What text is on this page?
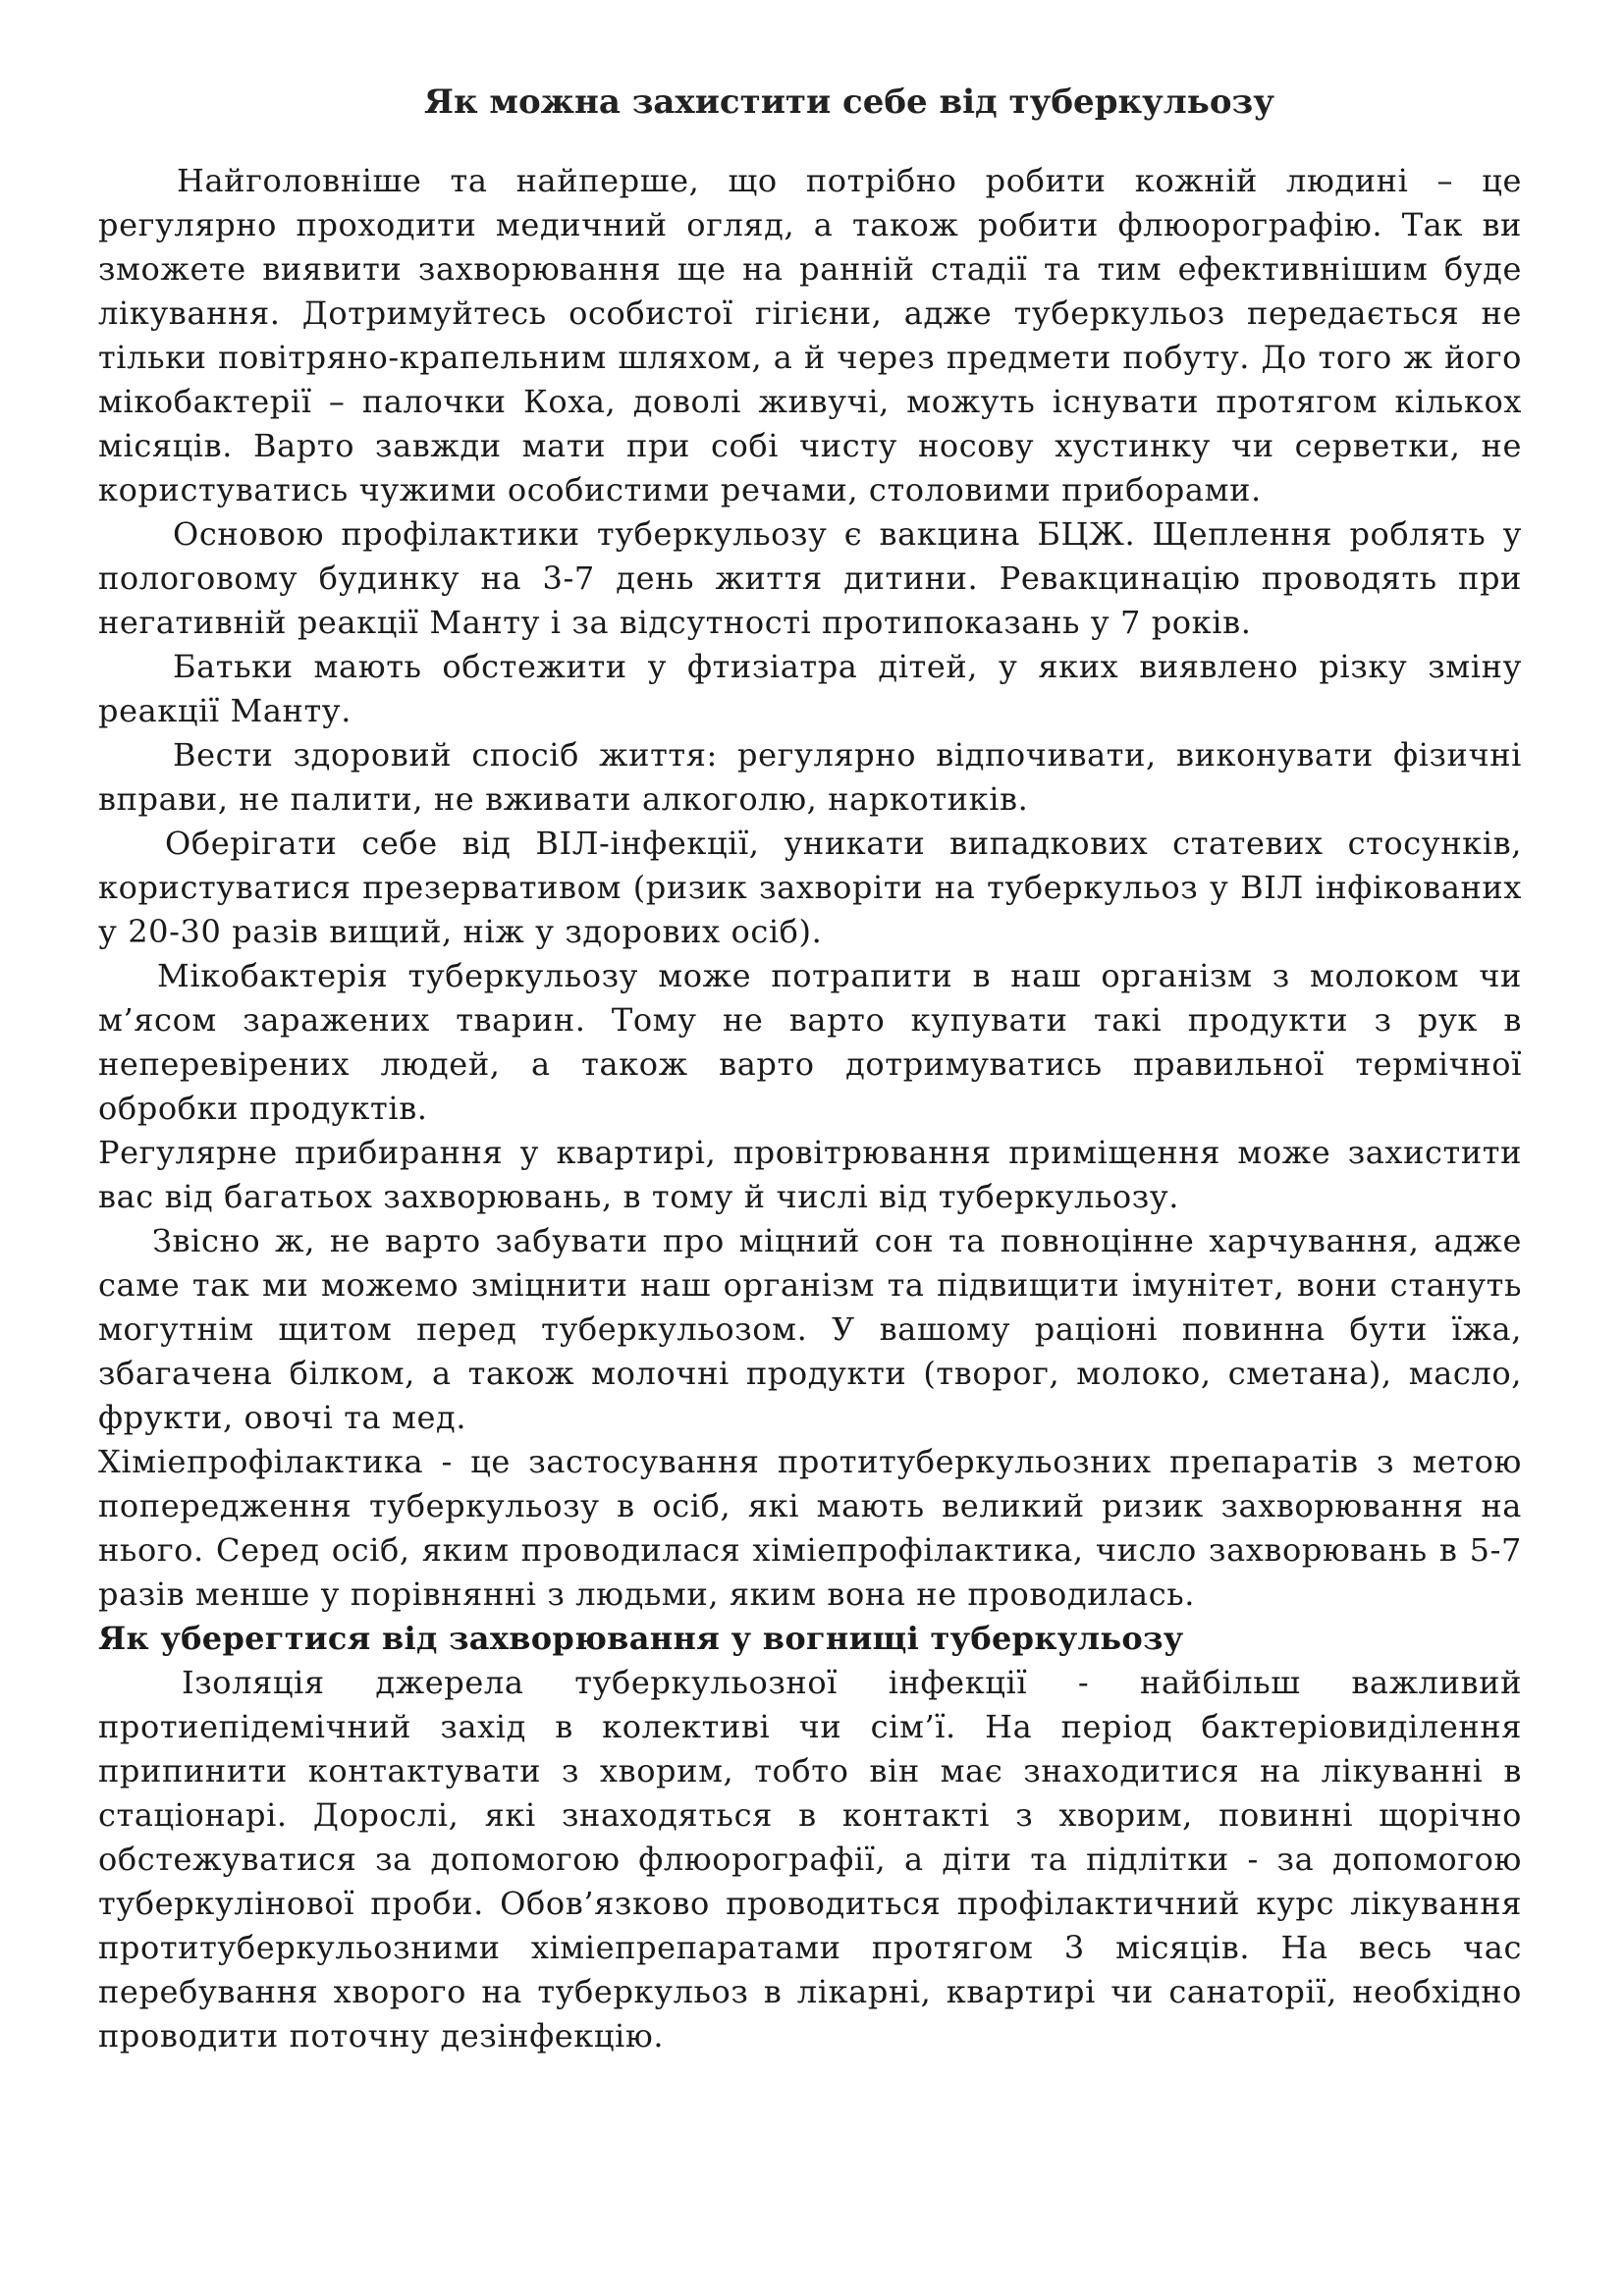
Як можна захистити себе від туберкульозу

Найголовніше та найперше, що потрібно робити кожній людині – це регулярно проходити медичний огляд, а також робити флюорографію. Так ви зможете виявити захворювання ще на ранній стадії та тим ефективнішим буде лікування. Дотримуйтесь особистої гігієни, адже туберкульоз передається не тільки повітряно-крапельним шляхом, а й через предмети побуту. До того ж його мікобактерії – палочки Коха, доволі живучі, можуть існувати протягом кількох місяців. Варто завжди мати при собі чисту носову хустинку чи серветки, не користуватись чужими особистими речами, столовими приборами.

Основою профілактики туберкульозу є вакцина БЦЖ. Щеплення роблять у пологовому будинку на 3-7 день життя дитини. Ревакцинацію проводять при негативній реакції Манту і за відсутності протипоказань у 7 років.

Батьки мають обстежити у фтизіатра дітей, у яких виявлено різку зміну реакції Манту.

Вести здоровий спосіб життя: регулярно відпочивати, виконувати фізичні вправи, не палити, не вживати алкоголю, наркотиків.

Оберігати себе від ВІЛ-інфекції, уникати випадкових статевих стосунків, користуватися презервативом (ризик захворіти на туберкульоз у ВІЛ інфікованих у 20-30 разів вищий, ніж у здорових осіб).

Мікобактерія туберкульозу може потрапити в наш організм з молоком чи м’ясом заражених тварин. Тому не варто купувати такі продукти з рук в неперевірених людей, а також варто дотримуватись правильної термічної обробки продуктів.

Регулярне прибирання у квартирі, провітрювання приміщення може захистити вас від багатьох захворювань, в тому й числі від туберкульозу.

Звісно ж, не варто забувати про міцний сон та повноцінне харчування, адже саме так ми можемо зміцнити наш організм та підвищити імунітет, вони стануть могутнім щитом перед туберкульозом. У вашому раціоні повинна бути їжа, збагачена білком, а також молочні продукти (творог, молоко, сметана), масло, фрукти, овочі та мед.

Хіміепрофілактика - це застосування протитуберкульозних препаратів з метою попередження туберкульозу в осіб, які мають великий ризик захворювання на нього. Серед осіб, яким проводилася хіміепрофілактика, число захворювань в 5-7 разів менше у порівнянні з людьми, яким вона не проводилась.

Як уберегтися від захворювання у вогнищі туберкульозу

Ізоляція джерела туберкульозної інфекції - найбільш важливий протиепідемічний захід в колективі чи сім’ї. На період бактеріовиділення припинити контактувати з хворим, тобто він має знаходитися на лікуванні в стаціонарі. Дорослі, які знаходяться в контакті з хворим, повинні щорічно обстежуватися за допомогою флюорографії, а діти та підлітки - за допомогою туберкулінової проби. Обов’язково проводиться профілактичний курс лікування протитуберкульозними хіміепрепаратами протягом 3 місяців. На весь час перебування хворого на туберкульоз в лікарні, квартирі чи санаторії, необхідно проводити поточну дезінфекцію.
